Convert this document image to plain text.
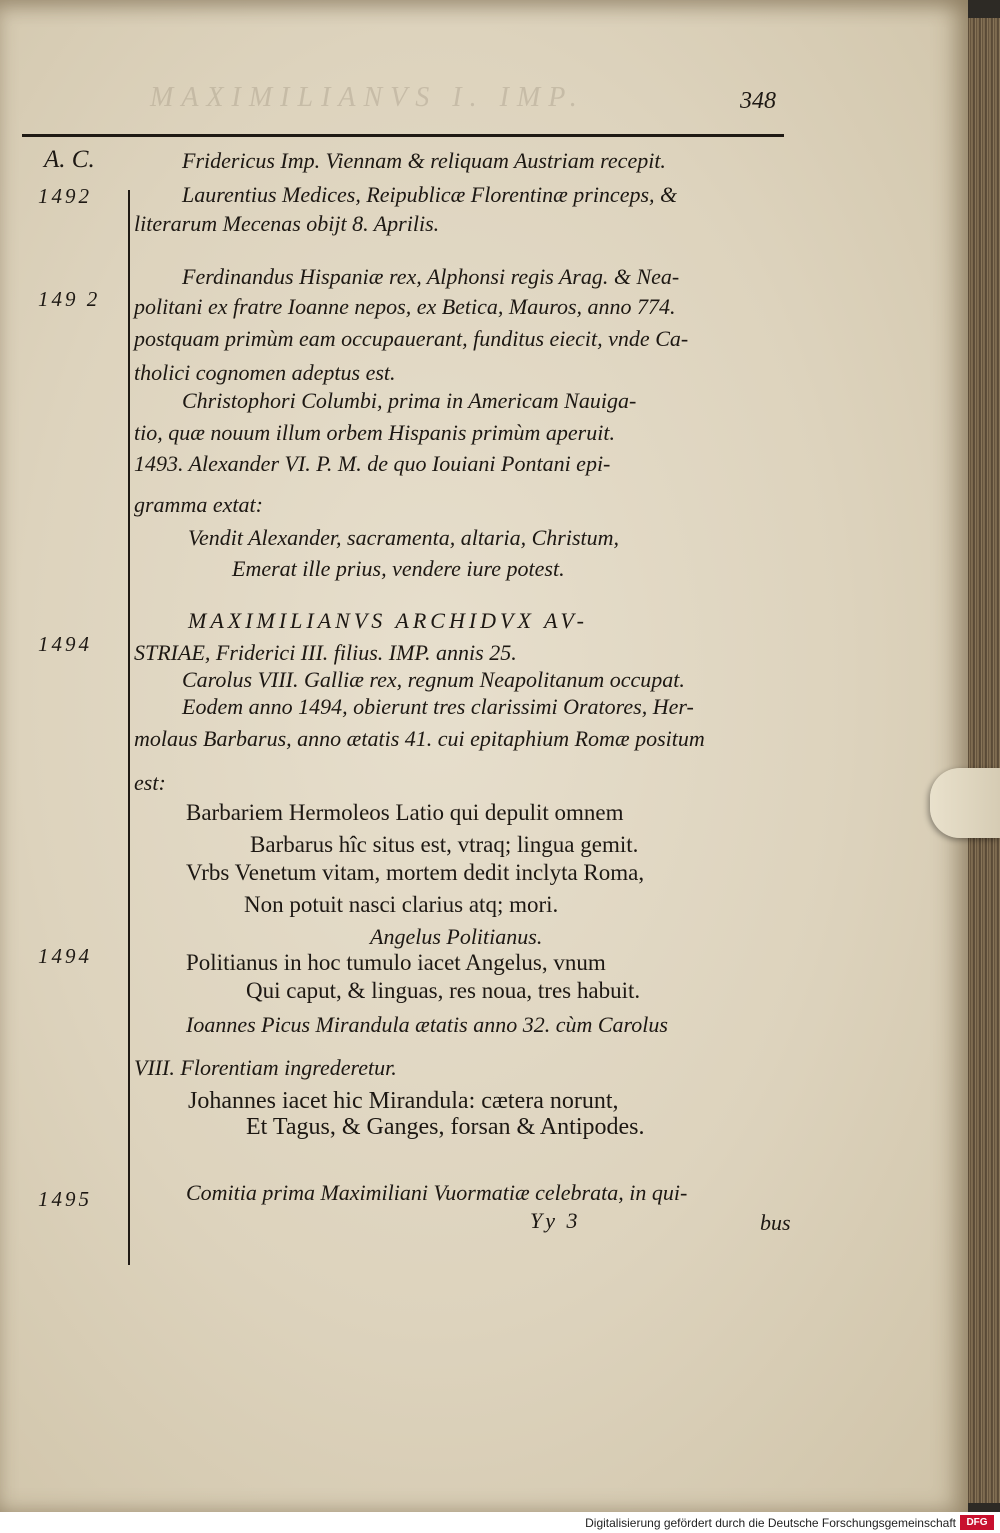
MAXIMILIANVS I. IMP.	348
A. C.
1492
149 2
1494
1494
1495
Fridericus Imp. Viennam & reliquam Austriam recepit.
Laurentius Medices, Reipublicæ Florentinæ princeps, &
literarum Mecenas obijt 8. Aprilis.
Ferdinandus Hispaniæ rex, Alphonsi regis Arag. & Nea-
politani ex fratre Ioanne nepos, ex Betica, Mauros, anno 774.
postquam primùm eam occupauerant, funditus eiecit, vnde Ca-
tholici cognomen adeptus est.
Christophori Columbi, prima in Americam Nauiga-
tio, quæ nouum illum orbem Hispanis primùm aperuit.
1493. Alexander VI. P. M. de quo Iouiani Pontani epi-
gramma extat:
Vendit Alexander, sacramenta, altaria, Christum,
Emerat ille prius, vendere iure potest.
MAXIMILIANVS ARCHIDVX AV-
STRIAE, Friderici III. filius. IMP. annis 25.
Carolus VIII. Galliæ rex, regnum Neapolitanum occupat.
Eodem anno 1494, obierunt tres clarissimi Oratores, Her-
molaus Barbarus, anno ætatis 41. cui epitaphium Romæ positum
est:
Barbariem Hermoleos Latio qui depulit omnem
Barbarus hîc situs est, vtraq; lingua gemit.
Vrbs Venetum vitam, mortem dedit inclyta Roma,
Non potuit nasci clarius atq; mori.
Angelus Politianus.
Politianus in hoc tumulo iacet Angelus, vnum
Qui caput, & linguas, res noua, tres habuit.
Ioannes Picus Mirandula ætatis anno 32. cùm Carolus
VIII. Florentiam ingrederetur.
Johannes iacet hic Mirandula: cætera norunt,
Et Tagus, & Ganges, forsan & Antipodes.
Comitia prima Maximiliani Vuormatiæ celebrata, in qui-
Yy 3	bus
Digitalisierung gefördert durch die Deutsche Forschungsgemeinschaft	DFG
